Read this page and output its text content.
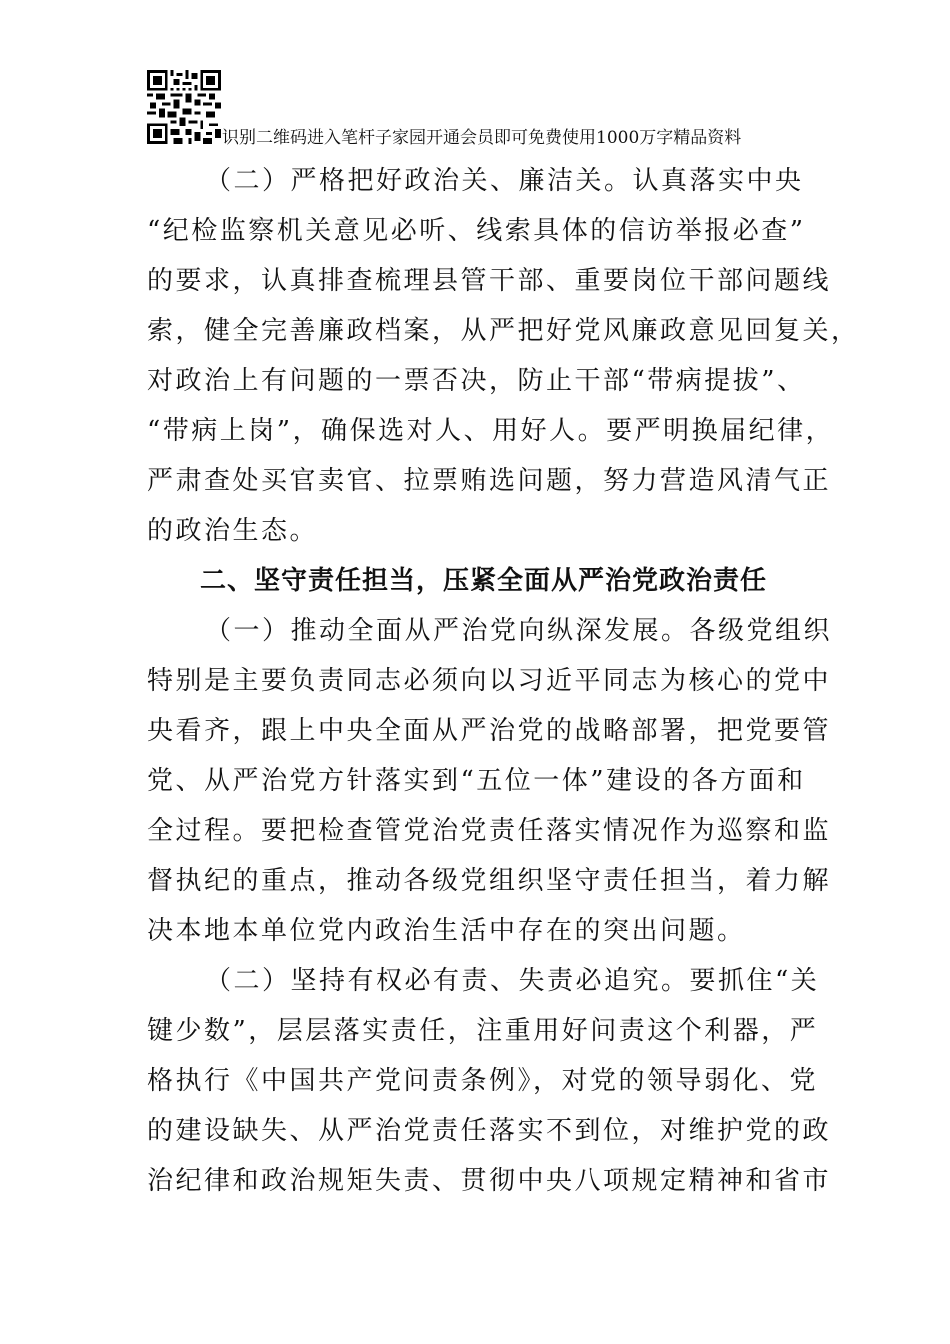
识别二维码进入笔杆子家园开通会员即可免费使用1000万字精品资料
（二）严格把好政治关、廉洁关。认真落实中央
“纪检监察机关意见必听、线索具体的信访举报必查”
的要求，认真排查梳理县管干部、重要岗位干部问题线
索，健全完善廉政档案，从严把好党风廉政意见回复关，
对政治上有问题的一票否决，防止干部“带病提拔”、
“带病上岗”，确保选对人、用好人。要严明换届纪律，
严肃查处买官卖官、拉票贿选问题，努力营造风清气正
的政治生态。
二、坚守责任担当，压紧全面从严治党政治责任
（一）推动全面从严治党向纵深发展。各级党组织
特别是主要负责同志必须向以习近平同志为核心的党中
央看齐，跟上中央全面从严治党的战略部署，把党要管
党、从严治党方针落实到“五位一体”建设的各方面和
全过程。要把检查管党治党责任落实情况作为巡察和监
督执纪的重点，推动各级党组织坚守责任担当，着力解
决本地本单位党内政治生活中存在的突出问题。
（二）坚持有权必有责、失责必追究。要抓住“关
键少数”，层层落实责任，注重用好问责这个利器，严
格执行《中国共产党问责条例》，对党的领导弱化、党
的建设缺失、从严治党责任落实不到位，对维护党的政
治纪律和政治规矩失责、贯彻中央八项规定精神和省市
